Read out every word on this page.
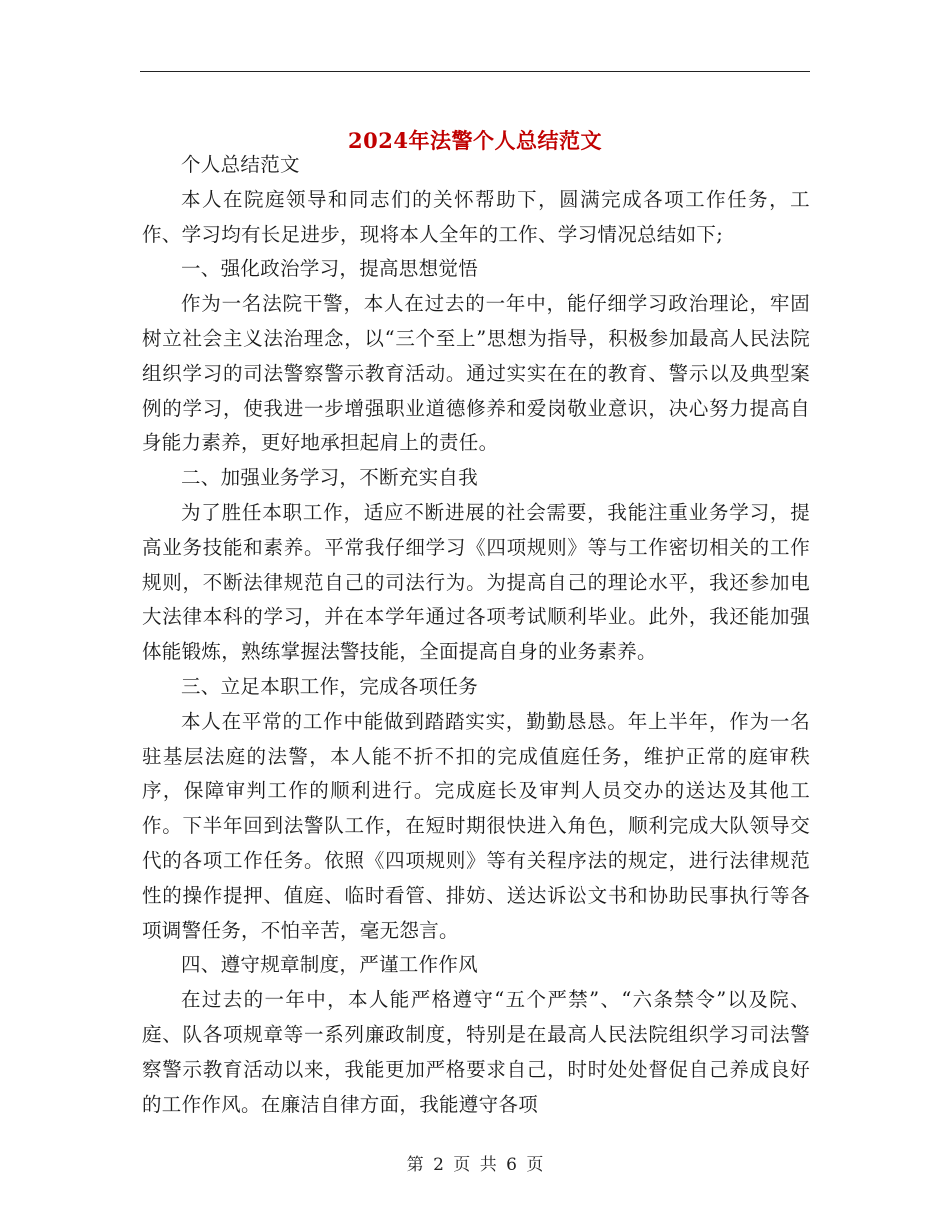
2024年法警个人总结范文

个人总结范文

本人在院庭领导和同志们的关怀帮助下，圆满完成各项工作任务，工作、学习均有长足进步，现将本人全年的工作、学习情况总结如下;

一、强化政治学习，提高思想觉悟

作为一名法院干警，本人在过去的一年中，能仔细学习政治理论，牢固树立社会主义法治理念，以“三个至上”思想为指导，积极参加最高人民法院组织学习的司法警察警示教育活动。通过实实在在的教育、警示以及典型案例的学习，使我进一步增强职业道德修养和爱岗敬业意识，决心努力提高自身能力素养，更好地承担起肩上的责任。

二、加强业务学习，不断充实自我

为了胜任本职工作，适应不断进展的社会需要，我能注重业务学习，提高业务技能和素养。平常我仔细学习《四项规则》等与工作密切相关的工作规则，不断法律规范自己的司法行为。为提高自己的理论水平，我还参加电大法律本科的学习，并在本学年通过各项考试顺利毕业。此外，我还能加强体能锻炼，熟练掌握法警技能，全面提高自身的业务素养。

三、立足本职工作，完成各项任务

本人在平常的工作中能做到踏踏实实，勤勤恳恳。年上半年，作为一名驻基层法庭的法警，本人能不折不扣的完成值庭任务，维护正常的庭审秩序，保障审判工作的顺利进行。完成庭长及审判人员交办的送达及其他工作。下半年回到法警队工作，在短时期很快进入角色，顺利完成大队领导交代的各项工作任务。依照《四项规则》等有关程序法的规定，进行法律规范性的操作提押、值庭、临时看管、排妨、送达诉讼文书和协助民事执行等各项调警任务，不怕辛苦，毫无怨言。

四、遵守规章制度，严谨工作作风

在过去的一年中，本人能严格遵守“五个严禁”、“六条禁令”以及院、庭、队各项规章等一系列廉政制度，特别是在最高人民法院组织学习司法警察警示教育活动以来，我能更加严格要求自己，时时处处督促自己养成良好的工作作风。在廉洁自律方面，我能遵守各项

第 2 页 共 6 页
